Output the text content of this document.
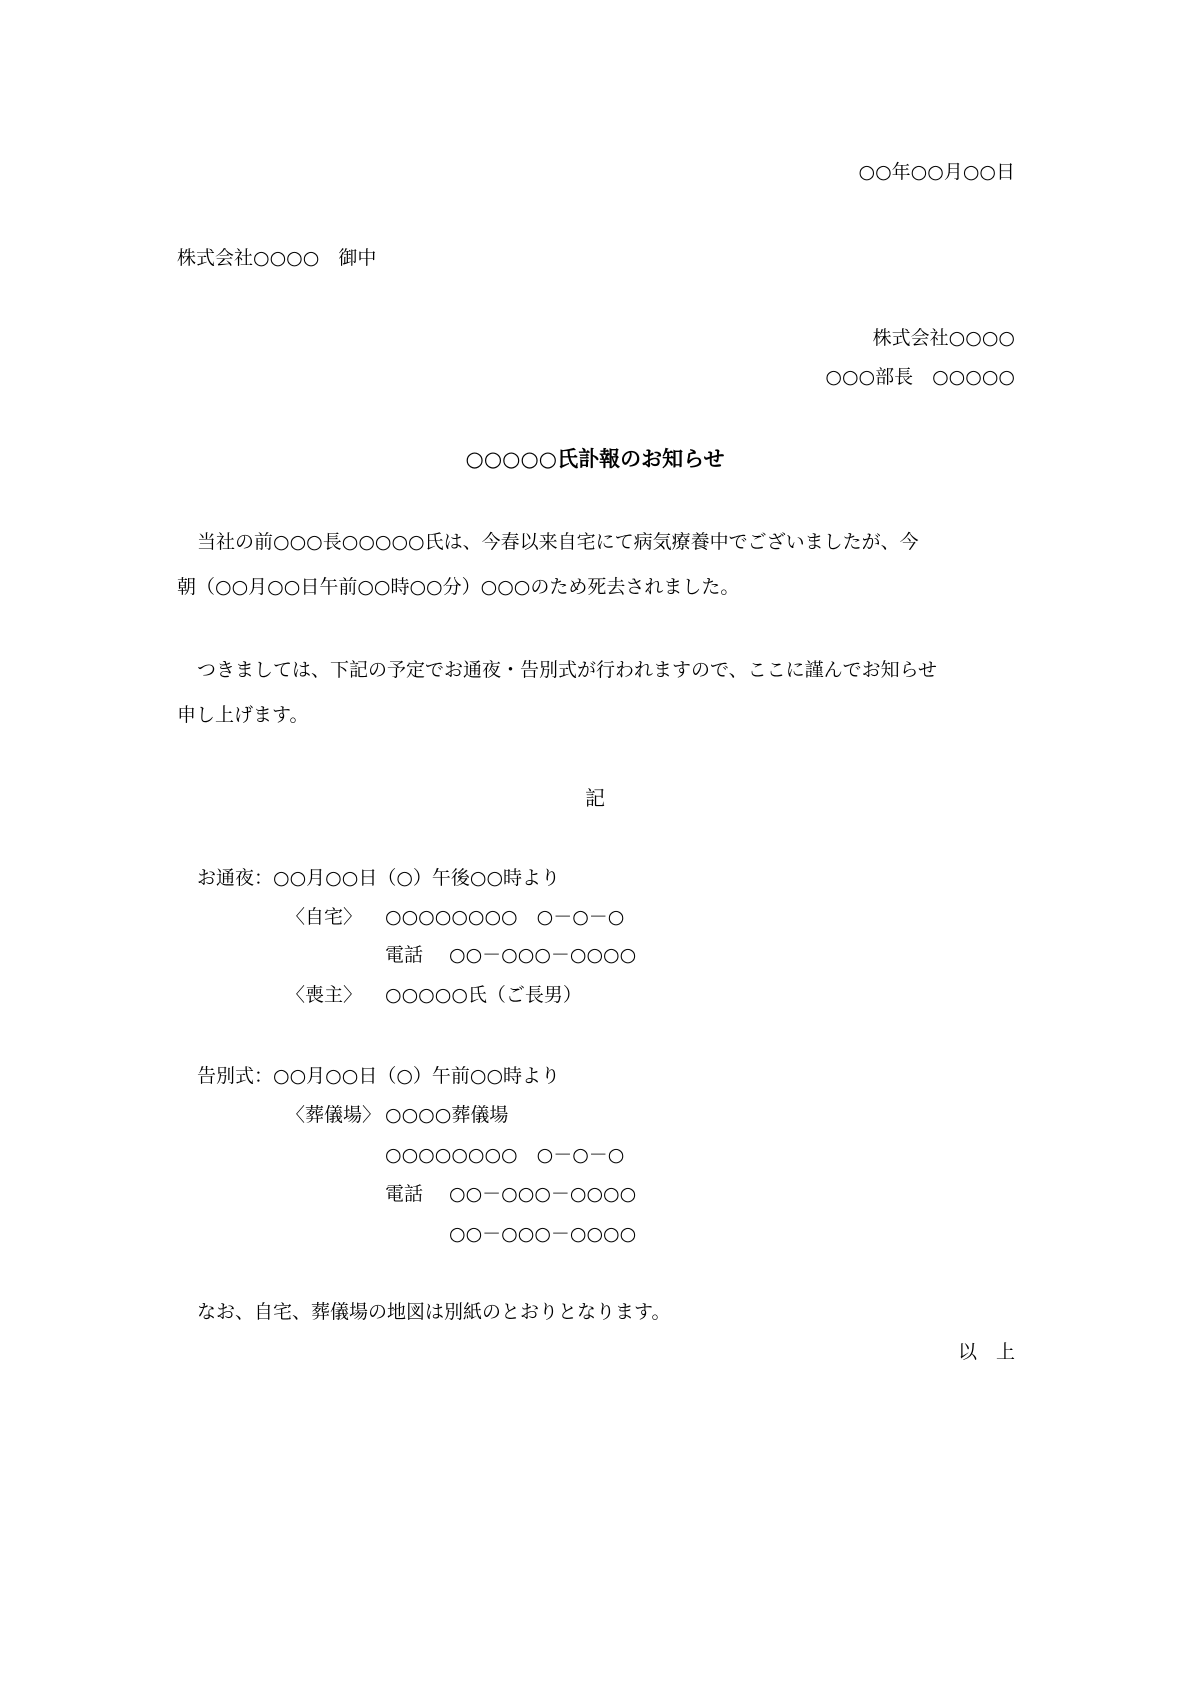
○○年○○月○○日
株式会社○○○○　御中
株式会社○○○○
○○○部長　○○○○○
○○○○○氏訃報のお知らせ
当社の前○○○長○○○○○氏は、今春以来自宅にて病気療養中でございましたが、今
朝（○○月○○日午前○○時○○分）○○○のため死去されました。
つきましては、下記の予定でお通夜・告別式が行われますので、ここに謹んでお知らせ
申し上げます。
記
お通夜：○○月○○日（○）午後○○時より
〈自宅〉 ○○○○○○○○　○－○－○
電話 ○○－○○○－○○○○
〈喪主〉 ○○○○○氏（ご長男）
告別式：○○月○○日（○）午前○○時より
〈葬儀場〉 ○○○○葬儀場
○○○○○○○○　○－○－○
電話 ○○－○○○－○○○○
○○－○○○－○○○○
なお、自宅、葬儀場の地図は別紙のとおりとなります。
以　上
